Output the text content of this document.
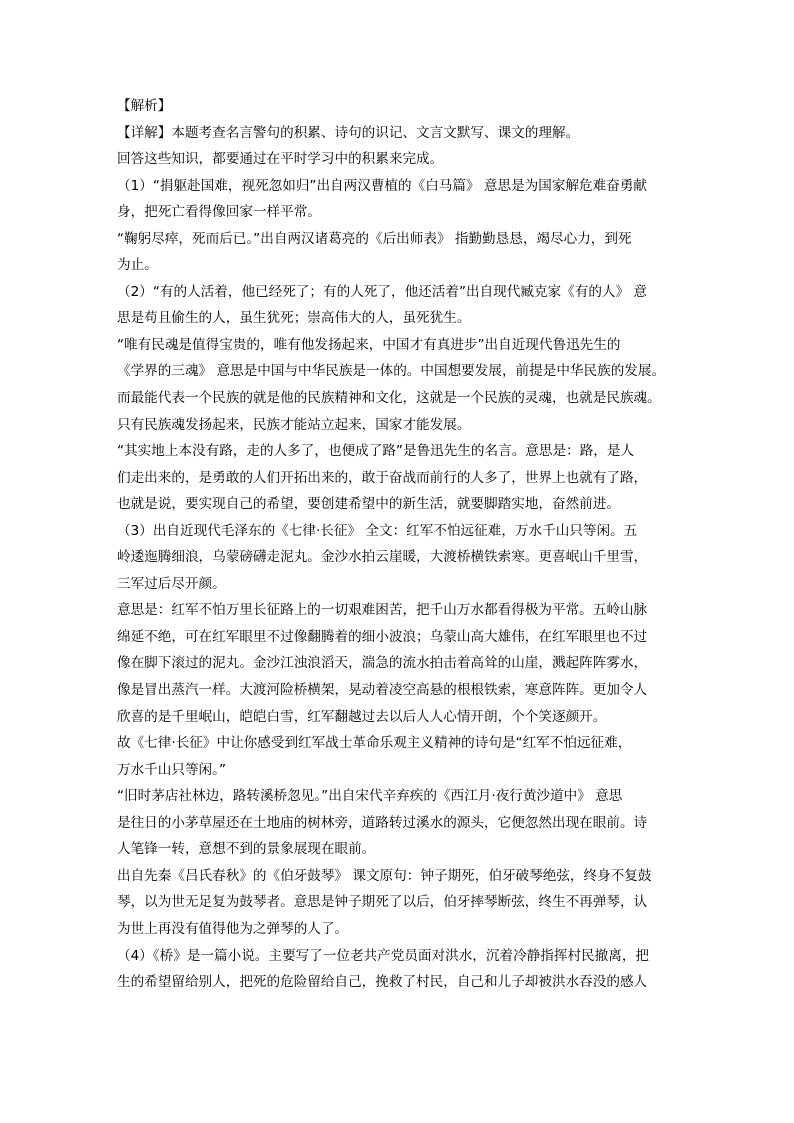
【解析】
【详解】本题考查名言警句的积累、诗句的识记、文言文默写、课文的理解。
回答这些知识，都要通过在平时学习中的积累来完成。
（1）“捐躯赴国难，视死忽如归”出自两汉曹植的《白马篇》 意思是为国家解危难奋勇献
身，把死亡看得像回家一样平常。
“鞠躬尽瘁，死而后已。”出自两汉诸葛亮的《后出师表》 指勤勤恳恳，竭尽心力，到死
为止。
（2）“有的人活着，他已经死了；有的人死了，他还活着”出自现代臧克家《有的人》 意
思是苟且偷生的人，虽生犹死；崇高伟大的人，虽死犹生。
“唯有民魂是值得宝贵的，唯有他发扬起来，中国才有真进步”出自近现代鲁迅先生的
《学界的三魂》 意思是中国与中华民族是一体的。中国想要发展，前提是中华民族的发展。
而最能代表一个民族的就是他的民族精神和文化，这就是一个民族的灵魂，也就是民族魂。
只有民族魂发扬起来，民族才能站立起来，国家才能发展。
“其实地上本没有路，走的人多了，也便成了路”是鲁迅先生的名言。意思是：路，是人
们走出来的，是勇敢的人们开拓出来的，敢于奋战而前行的人多了，世界上也就有了路，
也就是说，要实现自己的希望，要创建希望中的新生活，就要脚踏实地，奋然前进。
（3）出自近现代毛泽东的《七律·长征》 全文：红军不怕远征难，万水千山只等闲。五
岭逶迤腾细浪，乌蒙磅礴走泥丸。金沙水拍云崖暖，大渡桥横铁索寒。更喜岷山千里雪，
三军过后尽开颜。
意思是：红军不怕万里长征路上的一切艰难困苦，把千山万水都看得极为平常。五岭山脉
绵延不绝，可在红军眼里不过像翻腾着的细小波浪；乌蒙山高大雄伟，在红军眼里也不过
像在脚下滚过的泥丸。金沙江浊浪滔天，湍急的流水拍击着高耸的山崖，溅起阵阵雾水，
像是冒出蒸汽一样。大渡河险桥横架，晃动着凌空高悬的根根铁索，寒意阵阵。更加令人
欣喜的是千里岷山，皑皑白雪，红军翻越过去以后人人心情开朗，个个笑逐颜开。
故《七律·长征》中让你感受到红军战士革命乐观主义精神的诗句是“红军不怕远征难，
万水千山只等闲。”
“旧时茅店社林边，路转溪桥忽见。”出自宋代辛弃疾的《西江月·夜行黄沙道中》 意思
是往日的小茅草屋还在土地庙的树林旁，道路转过溪水的源头，它便忽然出现在眼前。诗
人笔锋一转，意想不到的景象展现在眼前。
出自先秦《吕氏春秋》的《伯牙鼓琴》 课文原句：钟子期死，伯牙破琴绝弦，终身不复鼓
琴，以为世无足复为鼓琴者。意思是钟子期死了以后，伯牙摔琴断弦，终生不再弹琴，认
为世上再没有值得他为之弹琴的人了。
（4）《桥》是一篇小说。主要写了一位老共产党员面对洪水，沉着冷静指挥村民撤离，把
生的希望留给别人，把死的危险留给自己，挽救了村民，自己和儿子却被洪水吞没的感人
